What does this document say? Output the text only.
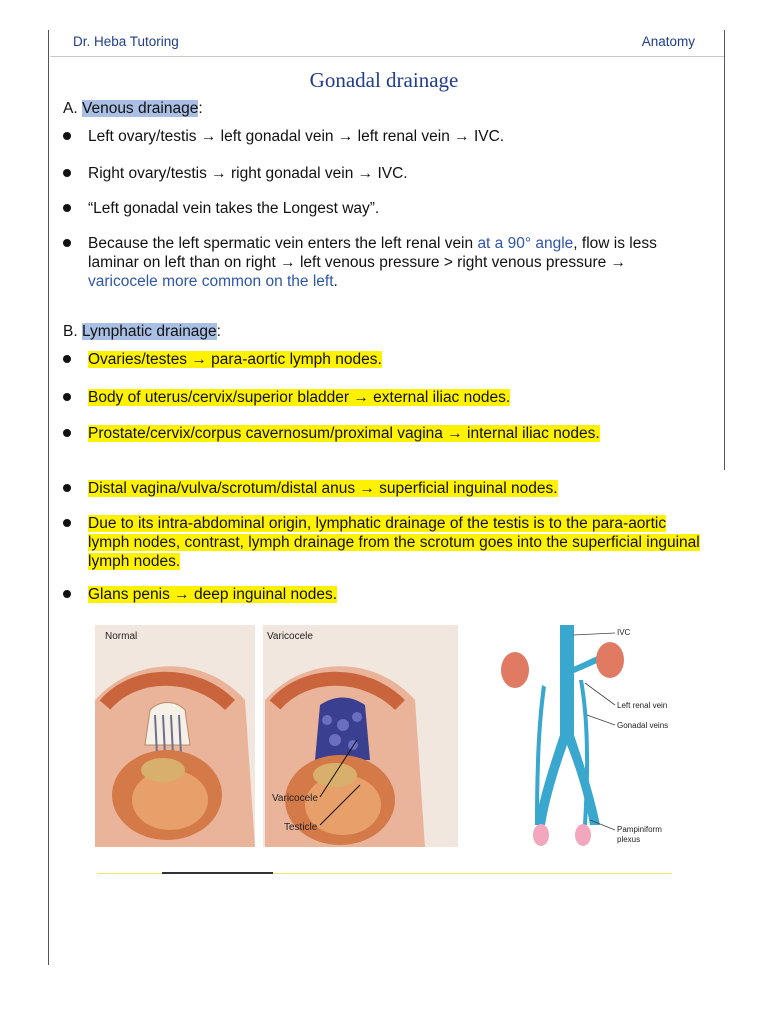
Dr. Heba Tutoring	Anatomy
Gonadal drainage
A. Venous drainage:
Left ovary/testis → left gonadal vein → left renal vein → IVC.
Right ovary/testis → right gonadal vein → IVC.
“Left gonadal vein takes the Longest way”.
Because the left spermatic vein enters the left renal vein at a 90° angle, flow is less laminar on left than on right → left venous pressure > right venous pressure → varicocele more common on the left.
B. Lymphatic drainage:
Ovaries/testes → para-aortic lymph nodes.
Body of uterus/cervix/superior bladder → external iliac nodes.
Prostate/cervix/corpus cavernosum/proximal vagina → internal iliac nodes.
Distal vagina/vulva/scrotum/distal anus → superficial inguinal nodes.
Due to its intra-abdominal origin, lymphatic drainage of the testis is to the para-aortic lymph nodes, contrast, lymph drainage from the scrotum goes into the superficial inguinal lymph nodes.
Glans penis → deep inguinal nodes.
Normal	Varicocele
Varicocele
Testicle
IVC
Left renal vein
Gonadal veins
Pampiniform
plexus
